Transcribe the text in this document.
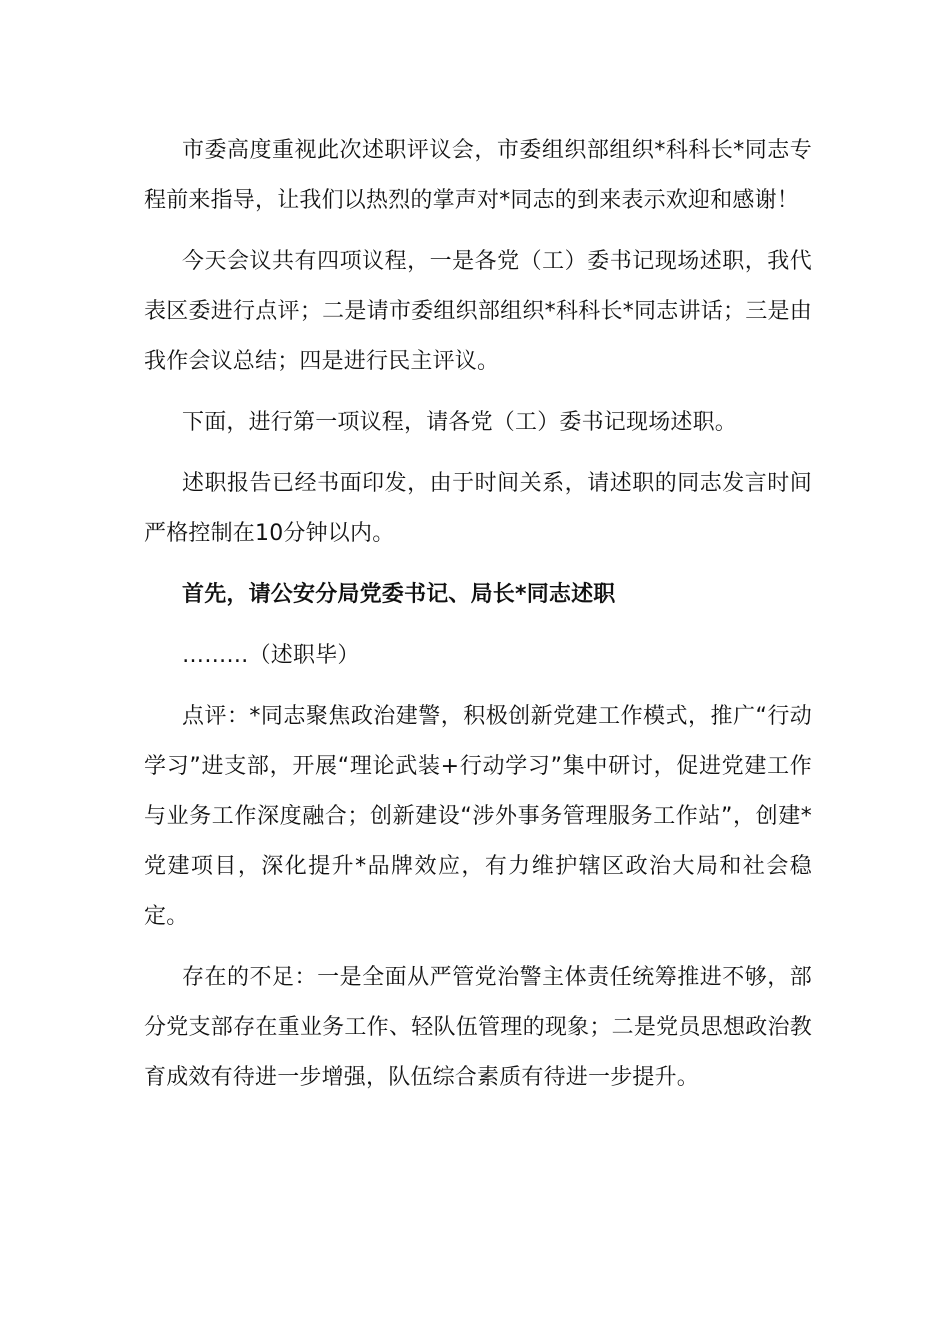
市委高度重视此次述职评议会，市委组织部组织*科科长*同志专程前来指导，让我们以热烈的掌声对*同志的到来表示欢迎和感谢！

今天会议共有四项议程，一是各党（工）委书记现场述职，我代表区委进行点评；二是请市委组织部组织*科科长*同志讲话；三是由我作会议总结；四是进行民主评议。

下面，进行第一项议程，请各党（工）委书记现场述职。

述职报告已经书面印发，由于时间关系，请述职的同志发言时间严格控制在10分钟以内。

首先，请公安分局党委书记、局长*同志述职

………（述职毕）

点评：*同志聚焦政治建警，积极创新党建工作模式，推广“行动学习”进支部，开展“理论武装+行动学习”集中研讨，促进党建工作与业务工作深度融合；创新建设“涉外事务管理服务工作站”，创建*党建项目，深化提升*品牌效应，有力维护辖区政治大局和社会稳定。

存在的不足：一是全面从严管党治警主体责任统筹推进不够，部分党支部存在重业务工作、轻队伍管理的现象；二是党员思想政治教育成效有待进一步增强，队伍综合素质有待进一步提升。
